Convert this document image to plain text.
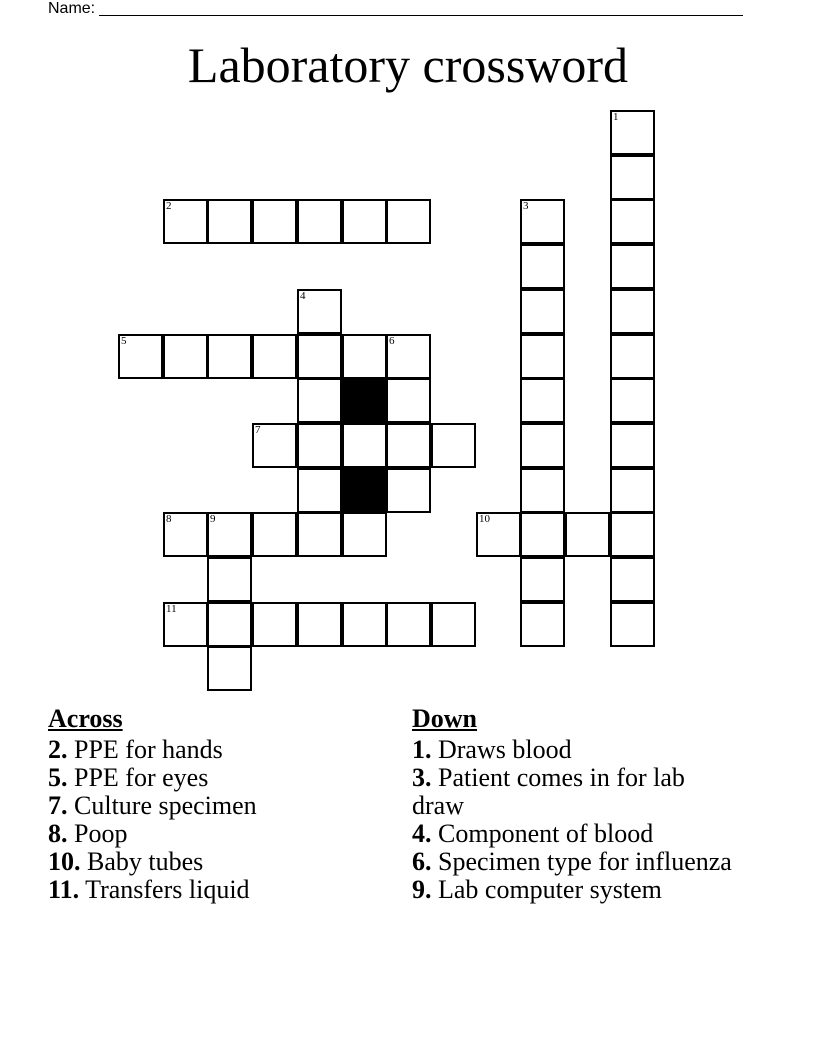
Name:
Laboratory crossword
1
2	3
4
5	6
7
8	9	10
11
Across
2. PPE for hands
5. PPE for eyes
7. Culture specimen
8. Poop
10. Baby tubes
11. Transfers liquid
Down
1. Draws blood
3. Patient comes in for lab draw
4. Component of blood
6. Specimen type for influenza
9. Lab computer system
